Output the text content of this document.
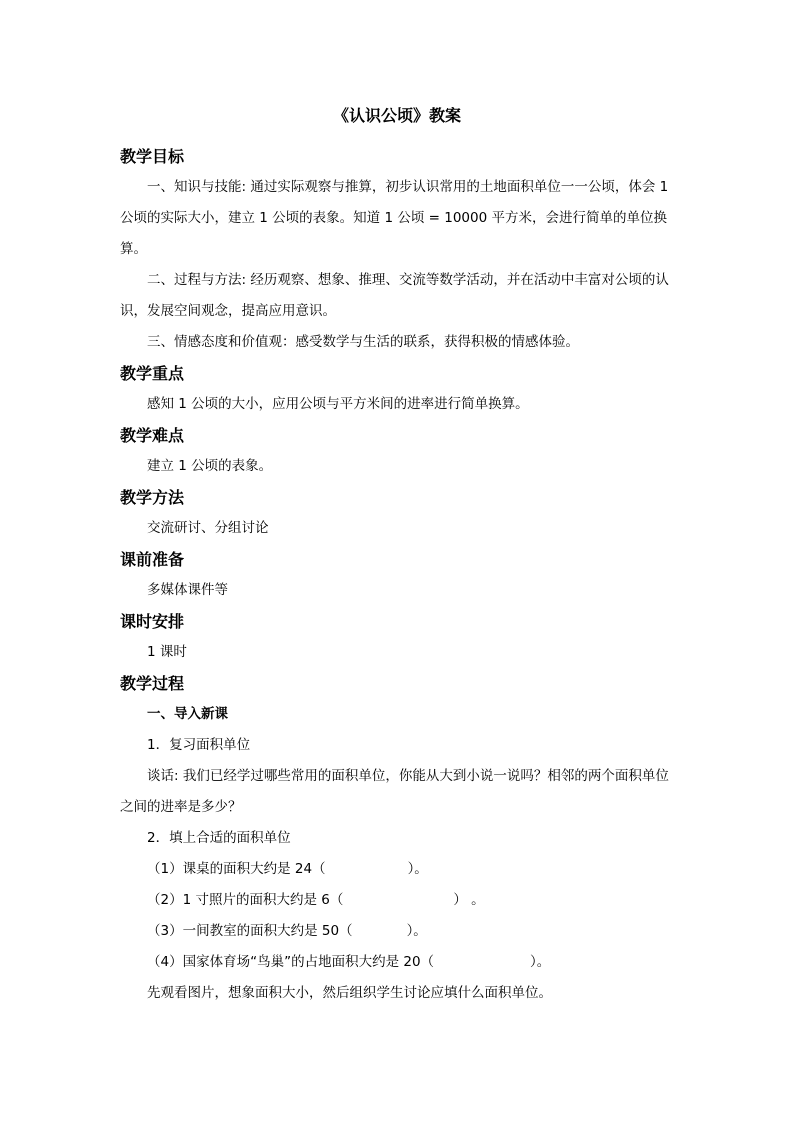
《认识公顷》教案
教学目标

一、知识与技能: 通过实际观察与推算，初步认识常用的土地面积单位一一公顷，体会 1 公顷的实际大小，建立 1 公顷的表象。知道 1 公顷 = 10000 平方米，会进行简单的单位换算。

二、过程与方法: 经历观察、想象、推理、交流等数学活动，并在活动中丰富对公顷的认识，发展空间观念，提高应用意识。

三、情感态度和价值观：感受数学与生活的联系，获得积极的情感体验。

教学重点

感知 1 公顷的大小，应用公顷与平方米间的进率进行简单换算。

教学难点

建立 1 公顷的表象。

教学方法

交流研讨、分组讨论

课前准备

多媒体课件等

课时安排

1 课时

教学过程
一、导入新课
1．复习面积单位

谈话: 我们已经学过哪些常用的面积单位，你能从大到小说一说吗？相邻的两个面积单位之间的进率是多少？

2．填上合适的面积单位
（1）课桌的面积大约是 24（	）。
（2）1 寸照片的面积大约是 6（	） 。
（3）一间教室的面积大约是 50（	）。
（4）国家体育场“鸟巢”的占地面积大约是 20（	）。

先观看图片，想象面积大小，然后组织学生讨论应填什么面积单位。
